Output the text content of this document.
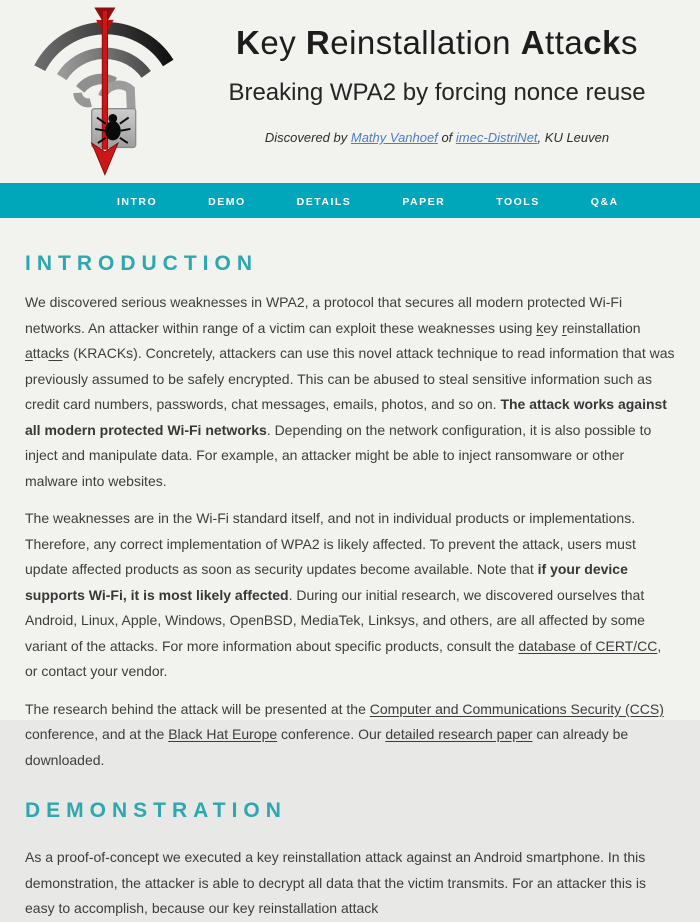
Key Reinstallation Attacks
Breaking WPA2 by forcing nonce reuse

Discovered by Mathy Vanhoef of imec-DistriNet, KU Leuven

INTRO	DEMO	DETAILS	PAPER	TOOLS	Q&A
INTRODUCTION

We discovered serious weaknesses in WPA2, a protocol that secures all modern protected Wi-Fi networks. An attacker within range of a victim can exploit these weaknesses using key reinstallation attacks (KRACKs). Concretely, attackers can use this novel attack technique to read information that was previously assumed to be safely encrypted. This can be abused to steal sensitive information such as credit card numbers, passwords, chat messages, emails, photos, and so on. The attack works against all modern protected Wi-Fi networks. Depending on the network configuration, it is also possible to inject and manipulate data. For example, an attacker might be able to inject ransomware or other malware into websites.

The weaknesses are in the Wi-Fi standard itself, and not in individual products or implementations. Therefore, any correct implementation of WPA2 is likely affected. To prevent the attack, users must update affected products as soon as security updates become available. Note that if your device supports Wi-Fi, it is most likely affected. During our initial research, we discovered ourselves that Android, Linux, Apple, Windows, OpenBSD, MediaTek, Linksys, and others, are all affected by some variant of the attacks. For more information about specific products, consult the database of CERT/CC, or contact your vendor.

The research behind the attack will be presented at the Computer and Communications Security (CCS) conference, and at the Black Hat Europe conference. Our detailed research paper can already be downloaded.

DEMONSTRATION

As a proof-of-concept we executed a key reinstallation attack against an Android smartphone. In this demonstration, the attacker is able to decrypt all data that the victim transmits. For an attacker this is easy to accomplish, because our key reinstallation attack
